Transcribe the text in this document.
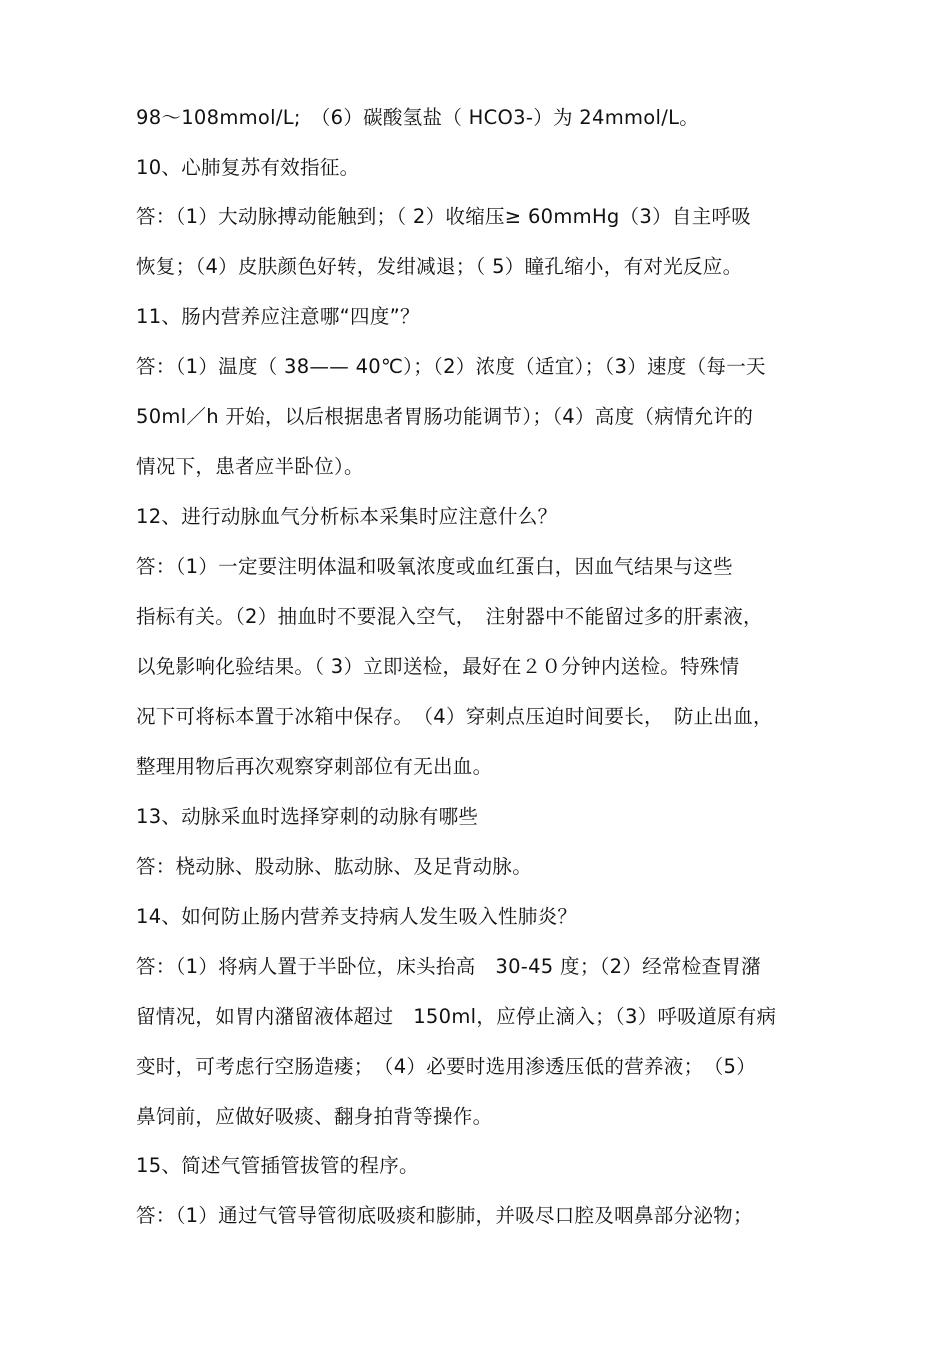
98～108mmol/L;　（6）碳酸氢盐（ HCO3-）为 24mmol/L。
10、心肺复苏有效指征。
答：（1）大动脉搏动能触到；（ 2）收缩压≥ 60mmHg（3）自主呼吸
恢复；（4）皮肤颜色好转，发绀减退；（ 5）瞳孔缩小，有对光反应。
11、肠内营养应注意哪“四度”？
答：（1）温度（ 38—— 40℃）；（2）浓度（适宜）；（3）速度（每一天
50ml／h 开始，以后根据患者胃肠功能调节）；（4）高度（病情允许的
情况下，患者应半卧位）。
12、进行动脉血气分析标本采集时应注意什么？
答：（1）一定要注明体温和吸氧浓度或血红蛋白，因血气结果与这些
指标有关。（2）抽血时不要混入空气，　注射器中不能留过多的肝素液，
以免影响化验结果。（ 3）立即送检，最好在２０分钟内送检。特殊情
况下可将标本置于冰箱中保存。　（4）穿刺点压迫时间要长，　防止出血，
整理用物后再次观察穿刺部位有无出血。
13、动脉采血时选择穿刺的动脉有哪些
答：桡动脉、股动脉、肱动脉、及足背动脉。
14、如何防止肠内营养支持病人发生吸入性肺炎？
答：（1）将病人置于半卧位，床头抬高　30-45 度；（2）经常检查胃潴
留情况，如胃内潴留液体超过　150ml，应停止滴入；（3）呼吸道原有病
变时，可考虑行空肠造瘘；　（4）必要时选用渗透压低的营养液；　（5）
鼻饲前，应做好吸痰、翻身拍背等操作。
15、简述气管插管拔管的程序。
答：（1）通过气管导管彻底吸痰和膨肺，并吸尽口腔及咽鼻部分泌物；
